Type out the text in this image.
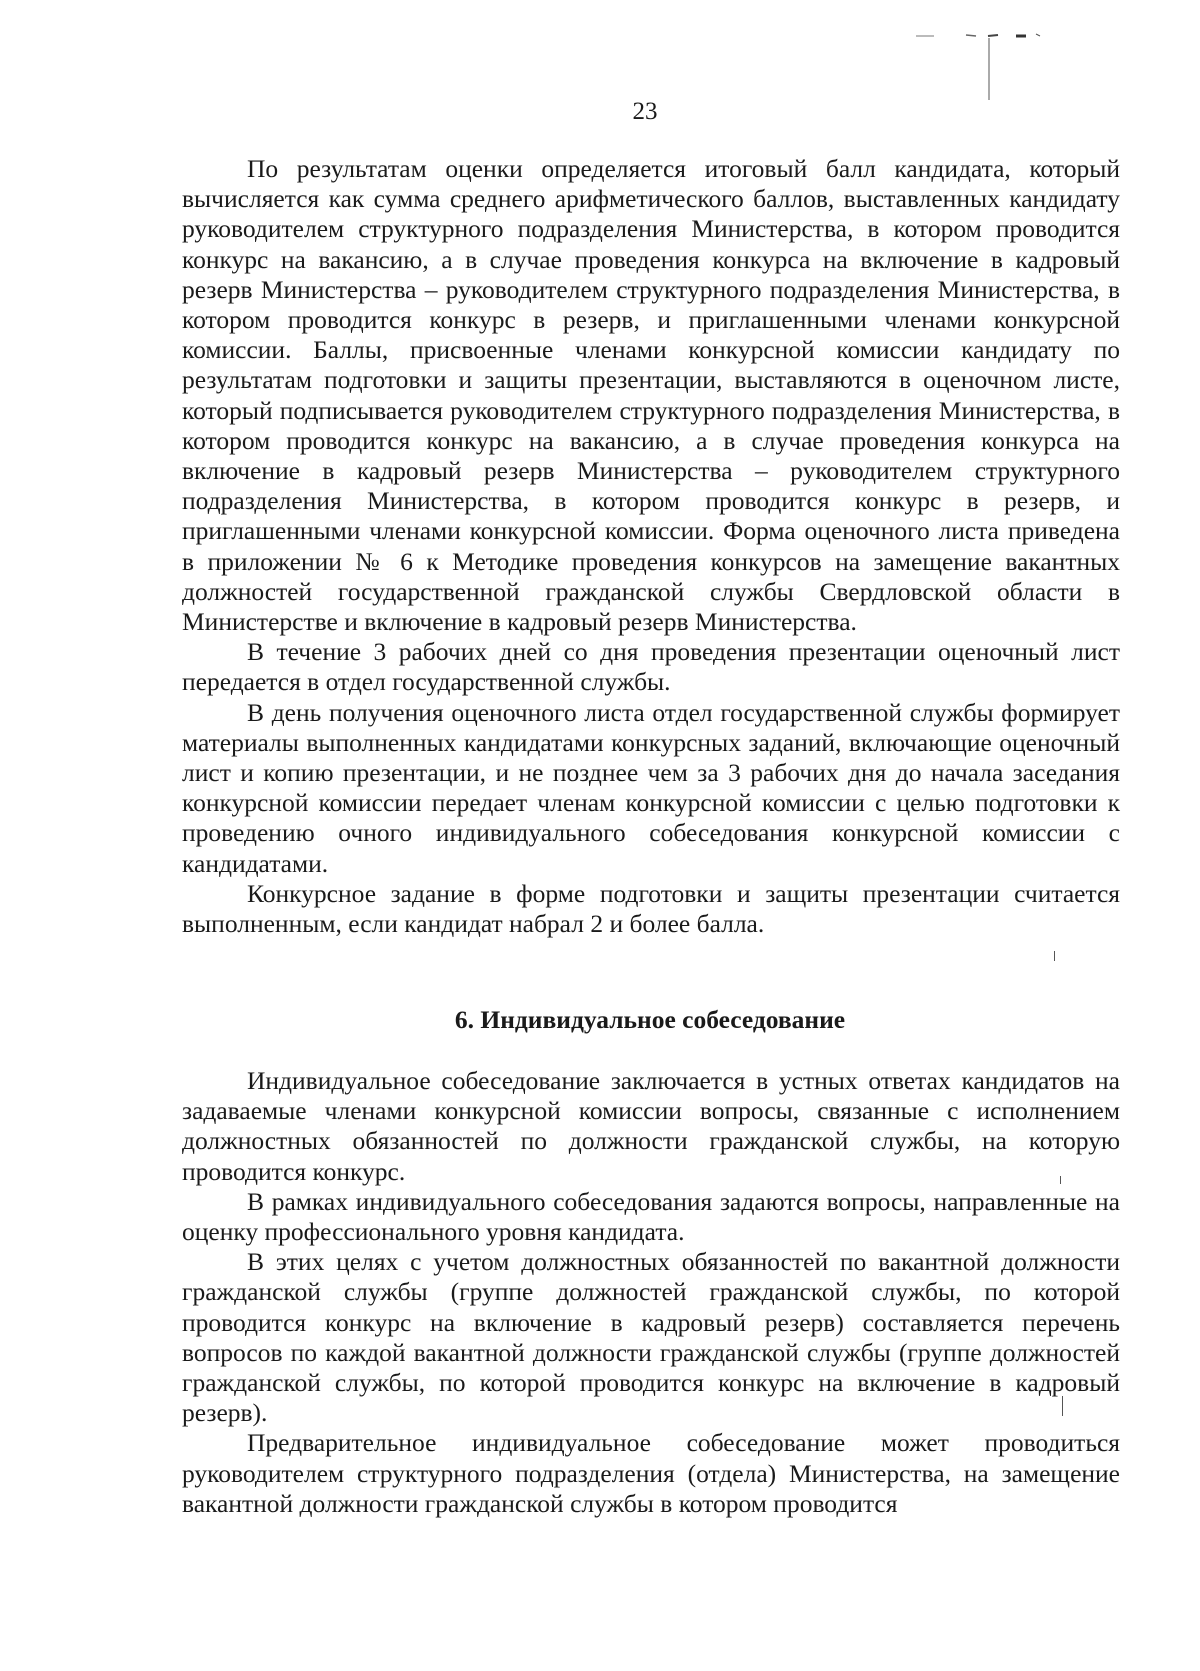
23

По результатам оценки определяется итоговый балл кандидата, который вычисляется как сумма среднего арифметического баллов, выставленных кандидату руководителем структурного подразделения Министерства, в котором проводится конкурс на вакансию, а в случае проведения конкурса на включение в кадровый резерв Министерства – руководителем структурного подразделения Министерства, в котором проводится конкурс в резерв, и приглашенными членами конкурсной комиссии. Баллы, присвоенные членами конкурсной комиссии кандидату по результатам подготовки и защиты презентации, выставляются в оценочном листе, который подписывается руководителем структурного подразделения Министерства, в котором проводится конкурс на вакансию, а в случае проведения конкурса на включение в кадровый резерв Министерства – руководителем структурного подразделения Министерства, в котором проводится конкурс в резерв, и приглашенными членами конкурсной комиссии. Форма оценочного листа приведена в приложении № 6 к Методике проведения конкурсов на замещение вакантных должностей государственной гражданской службы Свердловской области в Министерстве и включение в кадровый резерв Министерства.

В течение 3 рабочих дней со дня проведения презентации оценочный лист передается в отдел государственной службы.

В день получения оценочного листа отдел государственной службы формирует материалы выполненных кандидатами конкурсных заданий, включающие оценочный лист и копию презентации, и не позднее чем за 3 рабочих дня до начала заседания конкурсной комиссии передает членам конкурсной комиссии с целью подготовки к проведению очного индивидуального собеседования конкурсной комиссии с кандидатами.

Конкурсное задание в форме подготовки и защиты презентации считается выполненным, если кандидат набрал 2 и более балла.

6. Индивидуальное собеседование

Индивидуальное собеседование заключается в устных ответах кандидатов на задаваемые членами конкурсной комиссии вопросы, связанные с исполнением должностных обязанностей по должности гражданской службы, на которую проводится конкурс.

В рамках индивидуального собеседования задаются вопросы, направленные на оценку профессионального уровня кандидата.

В этих целях с учетом должностных обязанностей по вакантной должности гражданской службы (группе должностей гражданской службы, по которой проводится конкурс на включение в кадровый резерв) составляется перечень вопросов по каждой вакантной должности гражданской службы (группе должностей гражданской службы, по которой проводится конкурс на включение в кадровый резерв).

Предварительное индивидуальное собеседование может проводиться руководителем структурного подразделения (отдела) Министерства, на замещение вакантной должности гражданской службы в котором проводится
